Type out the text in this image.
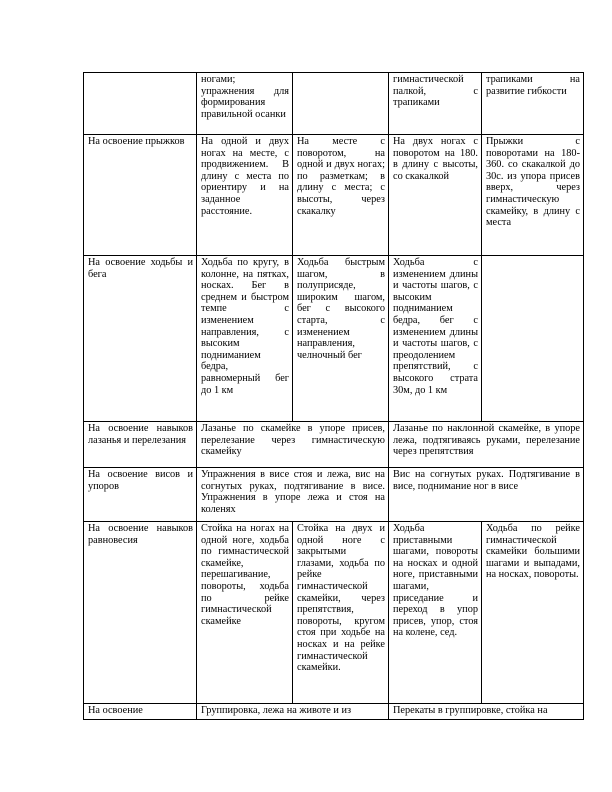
	ногами; упражнения для формирования правильной осанки		гимнастической палкой, с трапиками	трапиками на развитие гибкости
На освоение прыжков	На одной и двух ногах на месте, с продвижением. В длину с места по ориентиру и на заданное расстояние.	На месте с поворотом, на одной и двух ногах; по разметкам; в длину с места; с высоты, через скакалку	На двух ногах с поворотом на 180. в длину с высоты, со скакалкой	Прыжки с поворотами на 180-360. со скакалкой до 30с. из упора присев вверх, через гимнастическую скамейку, в длину с места
На освоение ходьбы и бега	Ходьба по кругу, в колонне, на пятках, носках. Бег в среднем и быстром темпе с изменением направления, с высоким подниманием бедра, равномерный бег до 1 км	Ходьба быстрым шагом, в полуприсяде, широким шагом, бег с высокого старта, с изменением направления, челночный бег	Ходьба с изменением длины и частоты шагов, с высоким подниманием бедра, бег с изменением длины и частоты шагов, с преодолением препятствий, с высокого страта 30м, до 1 км	
На освоение навыков лазанья и перелезания	Лазанье по скамейке в упоре присев, перелезание через гимнастическую скамейку		Лазанье по наклонной скамейке, в упоре лежа, подтягиваясь руками, перелезание через препятствия	
На освоение висов и упоров	Упражнения в висе стоя и лежа, вис на согнутых руках, подтягивание в висе. Упражнения в упоре лежа и стоя на коленях		Вис на согнутых руках. Подтягивание в висе, поднимание ног в висе	
На освоение навыков равновесия	Стойка на ногах на одной ноге, ходьба по гимнастической скамейке, перешагивание, повороты, ходьба по рейке гимнастической скамейке	Стойка на двух и одной ноге с закрытыми глазами, ходьба по рейке гимнастической скамейки, через препятствия, повороты, кругом стоя при ходьбе на носках и на рейке гимнастической скамейки.	Ходьба приставными шагами, повороты на носках и одной ноге, приставными шагами, приседание и переход в упор присев, упор, стоя на колене, сед.	Ходьба по рейке гимнастической скамейки большими шагами и выпадами, на носках, повороты.
На освоение	Группировка, лежа на животе и из		Перекаты в группировке, стойка на	
